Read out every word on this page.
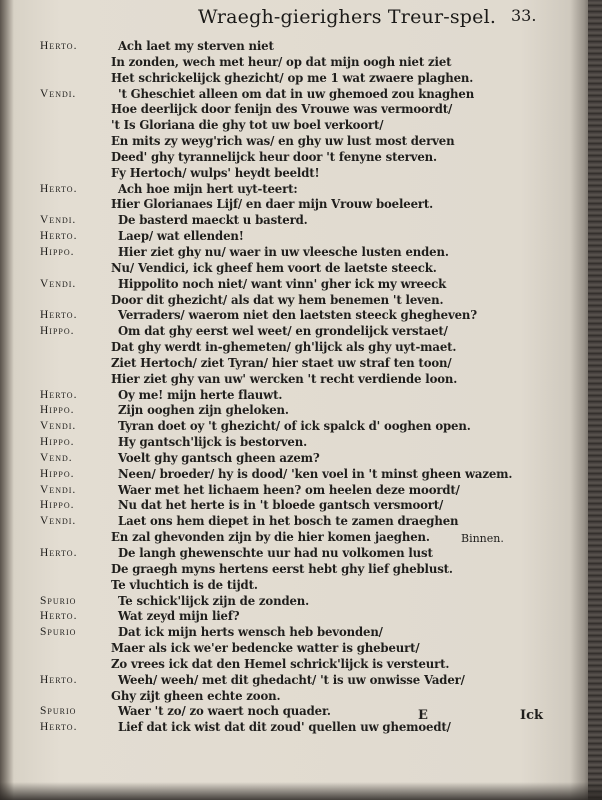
Wraegh-gierighers Treur-spel. 33.
Herto.	Ach laet my sterven niet
In zonden, wech met heur/ op dat mijn oogh niet ziet
Het schrickelijck ghezicht/ op me 1 wat zwaere plaghen.
Vendi.	't Gheschiet alleen om dat in uw ghemoed zou knaghen
Hoe deerlijck door fenijn des Vrouwe was vermoordt/
't Is Gloriana die ghy tot uw boel verkoort/
En mits zy weyg'rich was/ en ghy uw lust most derven
Deed' ghy tyrannelijck heur door 't fenyne sterven.
Fy Hertoch/ wulps' heydt beeldt!
Herto.	Ach hoe mijn hert uyt-teert:
Hier Glorianaes Lijf/ en daer mijn Vrouw boeleert.
Vendi.	De basterd maeckt u basterd.
Herto.	Laep/ wat ellenden!
Hippo.	Hier ziet ghy nu/ waer in uw vleesche lusten enden.
Nu/ Vendici, ick gheef hem voort de laetste steeck.
Vendi.	Hippolito noch niet/ want vinn' gher ick my wreeck
Door dit ghezicht/ als dat wy hem benemen 't leven.
Herto.	Verraders/ waerom niet den laetsten steeck ghegheven?
Hippo.	Om dat ghy eerst wel weet/ en grondelijck verstaet/
Dat ghy werdt in-ghemeten/ gh'lijck als ghy uyt-maet.
Ziet Hertoch/ ziet Tyran/ hier staet uw straf ten toon/
Hier ziet ghy van uw' wercken 't recht verdiende loon.
Herto.	Oy me! mijn herte flauwt.
Hippo.	Zijn ooghen zijn gheloken.
Vendi.	Tyran doet oy 't ghezicht/ of ick spalck d' ooghen open.
Hippo.	Hy gantsch'lijck is bestorven.
Vend.	Voelt ghy gantsch gheen azem?
Hippo.	Neen/ broeder/ hy is dood/ 'ken voel in 't minst gheen wazem.
Vendi.	Waer met het lichaem heen? om heelen deze moordt/
Hippo.	Nu dat het herte is in 't bloede gantsch versmoort/
Vendi.	Laet ons hem diepet in het bosch te zamen draeghen
En zal ghevonden zijn by die hier komen jaeghen.	Binnen.
Herto.	De langh ghewenschte uur had nu volkomen lust
De graegh myns hertens eerst hebt ghy lief gheblust.
Te vluchtich is de tijdt.
Spurio	Te schick'lijck zijn de zonden.
Herto.	Wat zeyd mijn lief?
Spurio	Dat ick mijn herts wensch heb bevonden/
Maer als ick we'er bedencke watter is ghebeurt/
Zo vrees ick dat den Hemel schrick'lijck is versteurt.
Herto.	Weeh/ weeh/ met dit ghedacht/ 't is uw onwisse Vader/
Ghy zijt gheen echte zoon.
Spurio	Waer 't zo/ zo waert noch quader.
Herto.	Lief dat ick wist dat dit zoud' quellen uw ghemoedt/
E	Ick
